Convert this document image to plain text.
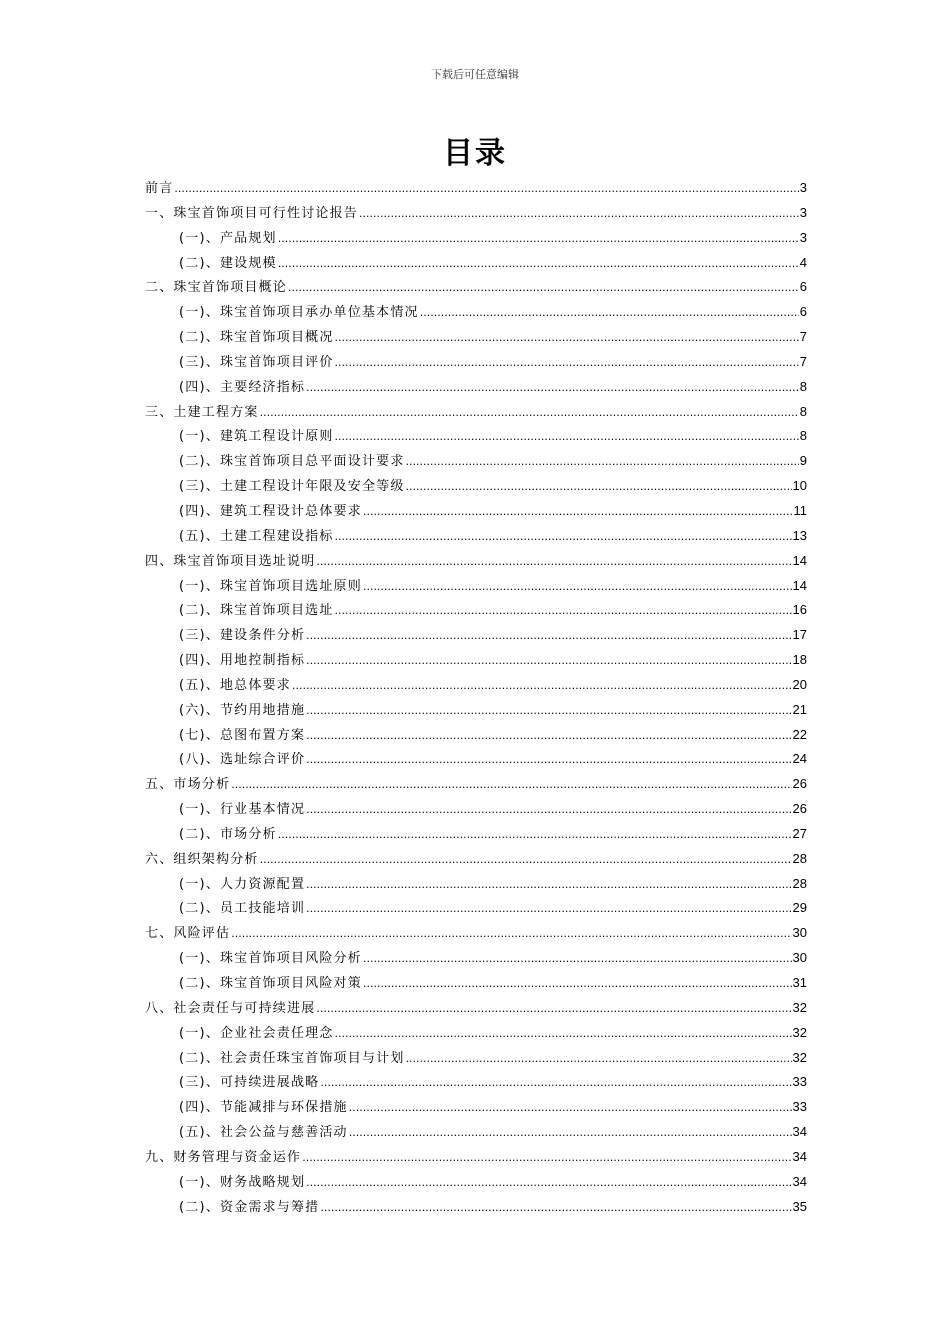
下载后可任意编辑
目录
前言 .....	3
一、珠宝首饰项目可行性讨论报告 .....	3
(一)、产品规划 .....	3
(二)、建设规模 .....	4
二、珠宝首饰项目概论 .....	6
(一)、珠宝首饰项目承办单位基本情况 .....	6
(二)、珠宝首饰项目概况 .....	7
(三)、珠宝首饰项目评价 .....	7
(四)、主要经济指标 .....	8
三、土建工程方案 .....	8
(一)、建筑工程设计原则 .....	8
(二)、珠宝首饰项目总平面设计要求 .....	9
(三)、土建工程设计年限及安全等级 .....	10
(四)、建筑工程设计总体要求 .....	11
(五)、土建工程建设指标 .....	13
四、珠宝首饰项目选址说明 .....	14
(一)、珠宝首饰项目选址原则 .....	14
(二)、珠宝首饰项目选址 .....	16
(三)、建设条件分析 .....	17
(四)、用地控制指标 .....	18
(五)、地总体要求 .....	20
(六)、节约用地措施 .....	21
(七)、总图布置方案 .....	22
(八)、选址综合评价 .....	24
五、市场分析 .....	26
(一)、行业基本情况 .....	26
(二)、市场分析 .....	27
六、组织架构分析 .....	28
(一)、人力资源配置 .....	28
(二)、员工技能培训 .....	29
七、风险评估 .....	30
(一)、珠宝首饰项目风险分析 .....	30
(二)、珠宝首饰项目风险对策 .....	31
八、社会责任与可持续进展 .....	32
(一)、企业社会责任理念 .....	32
(二)、社会责任珠宝首饰项目与计划 .....	32
(三)、可持续进展战略 .....	33
(四)、节能减排与环保措施 .....	33
(五)、社会公益与慈善活动 .....	34
九、财务管理与资金运作 .....	34
(一)、财务战略规划 .....	34
(二)、资金需求与筹措 .....	35
